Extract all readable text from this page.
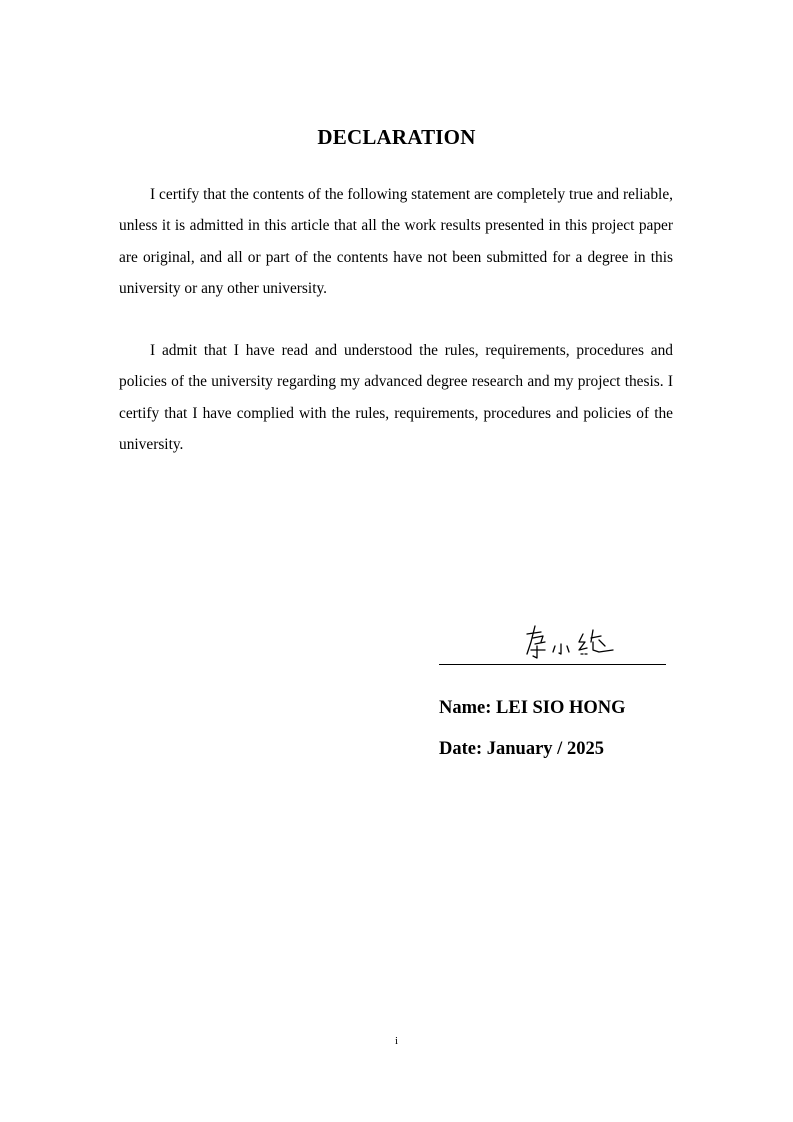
DECLARATION

I certify that the contents of the following statement are completely true and reliable, unless it is admitted in this article that all the work results presented in this project paper are original, and all or part of the contents have not been submitted for a degree in this university or any other university.

I admit that I have read and understood the rules, requirements, procedures and policies of the university regarding my advanced degree research and my project thesis. I certify that I have complied with the rules, requirements, procedures and policies of the university.

Name: LEI SIO HONG

Date: January / 2025

i
